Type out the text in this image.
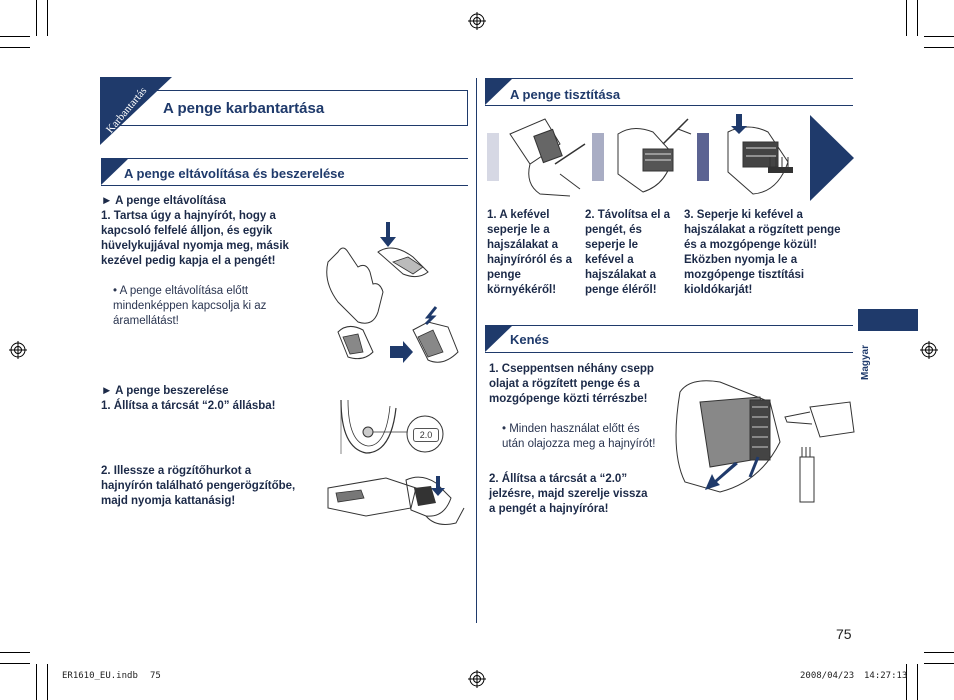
Karbantartás A penge karbantartása
A penge eltávolítása és beszerelése
► A penge eltávolítása
1. Tartsa úgy a hajnyírót, hogy a kapcsoló felfelé álljon, és egyik hüvelykujjával nyomja meg, másik kezével pedig kapja el a pengét!
• A penge eltávolítása előtt mindenképpen kapcsolja ki az áramellátást!
► A penge beszerelése
1. Állítsa a tárcsát “2.0” állásba!
2.0
2. Illessze a rögzítőhurkot a hajnyírón található pengerögzítőbe, majd nyomja kattanásig!
A penge tisztítása
1. A kefével seperje le a hajszálakat a hajnyíróról és a penge környékéről!
2. Távolítsa el a pengét, és seperje le kefével a hajszálakat a penge éléről!
3. Seperje ki kefével a hajszálakat a rögzített penge és a mozgópenge közül! Eközben nyomja le a mozgópenge tisztítási kioldókarját!
Kenés
1. Cseppentsen néhány csepp olajat a rögzített penge és a mozgópenge közti térrészbe!
• Minden használat előtt és után olajozza meg a hajnyírót!
2. Állítsa a tárcsát a “2.0” jelzésre, majd szerelje vissza a pengét a hajnyíróra!
Magyar
75
ER1610_EU.indb 75	2008/04/23 14:27:13
